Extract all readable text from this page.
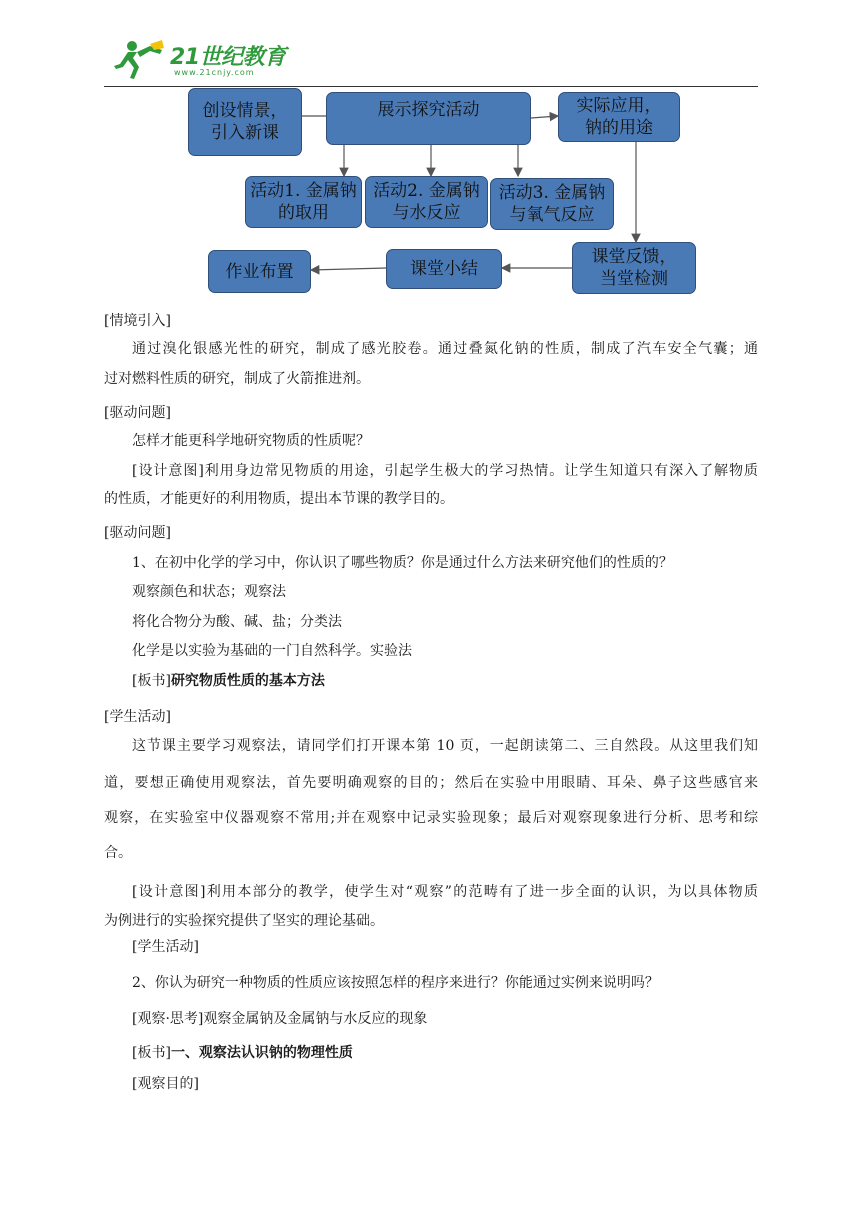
21世纪教育
www.21cnjy.com
创设情景，
引入新课
展示探究活动	实际应用，
钠的用途
活动1. 金属钠
的取用
活动2. 金属钠
与水反应
活动3. 金属钠
与氧气反应
课堂反馈，
当堂检测
课堂小结
作业布置
[情境引入]
通过溴化银感光性的研究，制成了感光胶卷。通过叠氮化钠的性质，制成了汽车安全气囊；通
过对燃料性质的研究，制成了火箭推进剂。
[驱动问题]
怎样才能更科学地研究物质的性质呢？
[设计意图]利用身边常见物质的用途，引起学生极大的学习热情。让学生知道只有深入了解物质
的性质，才能更好的利用物质，提出本节课的教学目的。
[驱动问题]
1、在初中化学的学习中，你认识了哪些物质？你是通过什么方法来研究他们的性质的？
观察颜色和状态；观察法
将化合物分为酸、碱、盐；分类法
化学是以实验为基础的一门自然科学。实验法
[板书]研究物质性质的基本方法
[学生活动]
这节课主要学习观察法，请同学们打开课本第 10 页，一起朗读第二、三自然段。从这里我们知
道，要想正确使用观察法，首先要明确观察的目的；然后在实验中用眼睛、耳朵、鼻子这些感官来
观察，在实验室中仪器观察不常用;并在观察中记录实验现象；最后对观察现象进行分析、思考和综
合。
[设计意图]利用本部分的教学，使学生对“观察”的范畴有了进一步全面的认识，为以具体物质
为例进行的实验探究提供了坚实的理论基础。
[学生活动]
2、你认为研究一种物质的性质应该按照怎样的程序来进行？你能通过实例来说明吗？
[观察·思考]观察金属钠及金属钠与水反应的现象
[板书]一、观察法认识钠的物理性质
[观察目的]
